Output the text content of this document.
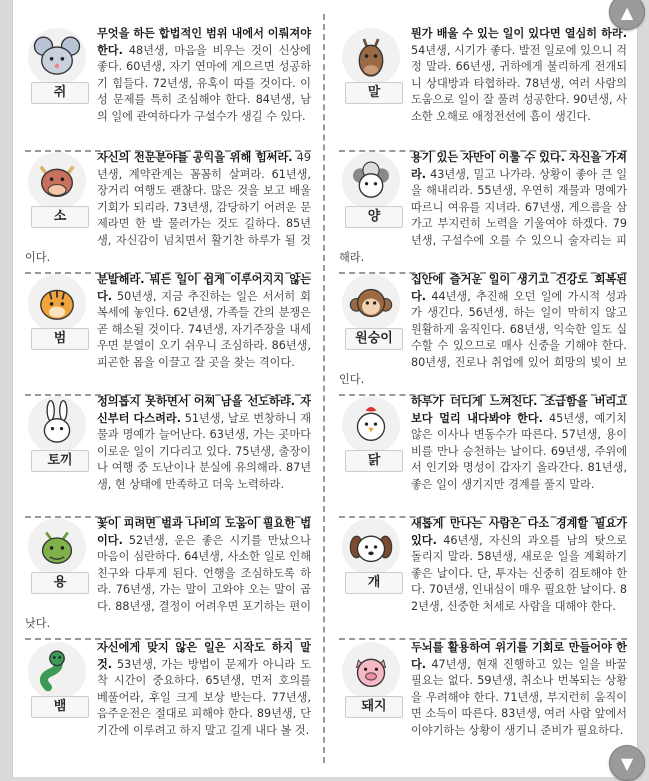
쥐
무엇을 하든 합법적인 범위 내에서 이뤄져야 한다. 48년생, 마음을 비우는 것이 신상에 좋다. 60년생, 자기 연마에 게으르면 성공하기 힘들다. 72년생, 유혹이 따를 것이다. 이성 문제를 특히 조심해야 한다. 84년생, 남의 일에 관여하다가 구설수가 생길 수 있다.
소
자신의 전문분야를 공익을 위해 힘써라. 49년생, 계약관계는 꼼꼼히 살펴라. 61년생, 장거리 여행도 괜찮다. 많은 것을 보고 배울 기회가 되리라. 73년생, 감당하기 어려운 문제라면 한 발 물러가는 것도 길하다. 85년생, 자신감이 넘치면서 활기찬 하루가 될 것이다.
범
분발해라. 뭐든 일이 쉽게 이루어지지 않는다. 50년생, 지금 추진하는 일은 서서히 회복세에 놓인다. 62년생, 가족들 간의 분쟁은 곧 해소될 것이다. 74년생, 자기주장을 내세우면 분열이 오기 쉬우니 조심하라. 86년생, 피곤한 몸을 이끌고 잘 곳을 찾는 격이다.
토끼
정의롭지 못하면서 어찌 남을 선도하랴. 자신부터 다스려라. 51년생, 날로 번창하니 재물과 명예가 늘어난다. 63년생, 가는 곳마다 이로운 일이 기다리고 있다. 75년생, 출장이나 여행 중 도난이나 분실에 유의해라. 87년생, 현 상태에 만족하고 더욱 노력하라.
용
꽃이 피려면 벌과 나비의 도움이 필요한 법이다. 52년생, 운은 좋은 시기를 만났으나 마음이 심란하다. 64년생, 사소한 일로 인해 친구와 다투게 된다. 언행을 조심하도록 하라. 76년생, 가는 말이 고와야 오는 말이 곱다. 88년생, 결정이 어려우면 포기하는 편이 낫다.
뱀
자신에게 맞지 않은 일은 시작도 하지 말 것. 53년생, 가는 방법이 문제가 아니라 도착 시간이 중요하다. 65년생, 먼저 호의를 베풀어라, 후일 크게 보상 받는다. 77년생, 음주운전은 절대로 피해야 한다. 89년생, 단기간에 이루려고 하지 말고 길게 내다 볼 것.
말
뭔가 배울 수 있는 일이 있다면 열심히 하라. 54년생, 시기가 좋다. 발전 일로에 있으니 걱정 말라. 66년생, 귀하에게 불리하게 전개되니 상대방과 타협하라. 78년생, 여러 사람의 도움으로 일이 잘 풀려 성공한다. 90년생, 사소한 오해로 애정전선에 흠이 생긴다.
양
용기 있는 자만이 이룰 수 있다. 자신을 가져라. 43년생, 밀고 나가라. 상황이 좋아 큰 일을 해내리라. 55년생, 우연히 재물과 명예가 따르니 여유를 지녀라. 67년생, 게으름을 삼가고 부지런히 노력을 기울여야 하겠다. 79년생, 구설수에 오를 수 있으니 술자리는 피해라.
원숭이
집안에 즐거운 일이 생기고 건강도 회복된다. 44년생, 추진해 오던 일에 가시적 성과가 생긴다. 56년생, 하는 일이 막히지 않고 원활하게 움직인다. 68년생, 익숙한 일도 실수할 수 있으므로 매사 신중을 기해야 한다. 80년생, 진로나 취업에 있어 희망의 빛이 보인다.
닭
하루가 더디게 느껴진다. 조급함을 버리고 보다 멀리 내다봐야 한다. 45년생, 예기치 않은 이사나 변동수가 따른다. 57년생, 용이 비를 만나 승천하는 날이다. 69년생, 주위에서 인기와 명성이 갑자기 올라간다. 81년생, 좋은 일이 생기지만 경계를 풀지 말라.
개
새롭게 만나는 사람은 다소 경계할 필요가 있다. 46년생, 자신의 과오를 남의 탓으로 돌리지 말라. 58년생, 새로운 일을 계획하기 좋은 날이다. 단, 투자는 신중히 검토해야 한다. 70년생, 인내심이 매우 필요한 날이다. 82년생, 신중한 처세로 사람을 대해야 한다.
돼지
두뇌를 활용하여 위기를 기회로 만들어야 한다. 47년생, 현재 진행하고 있는 일을 바꿀 필요는 없다. 59년생, 취소나 번복되는 상황을 우려해야 한다. 71년생, 부지런히 움직이면 소득이 따른다. 83년생, 여러 사람 앞에서 이야기하는 상황이 생기니 준비가 필요하다.
▲
▼
